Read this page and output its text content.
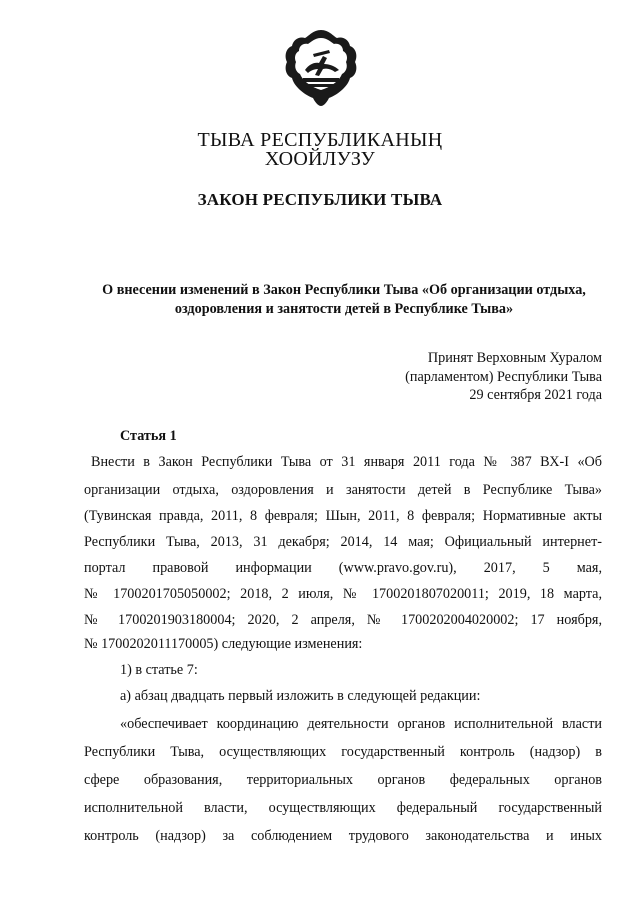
ТЫВА РЕСПУБЛИКАНЫҢ
ХООЙЛУЗУ
ЗАКОН РЕСПУБЛИКИ ТЫВА
О внесении изменений в Закон Республики Тыва «Об организации отдыха,
оздоровления и занятости детей в Республике Тыва»
Принят Верховным Хуралом
(парламентом) Республики Тыва
29 сентября 2021 года
Статья 1
Внести в Закон Республики Тыва от 31 января 2011 года № 387 ВХ-I «Об
организации отдыха, оздоровления и занятости детей в Республике Тыва»
(Тувинская правда, 2011, 8 февраля; Шын, 2011, 8 февраля; Нормативные акты
Республики Тыва, 2013, 31 декабря; 2014, 14 мая; Официальный интернет-
портал правовой информации (www.pravo.gov.ru), 2017, 5 мая,
№ 1700201705050002; 2018, 2 июля, № 1700201807020011; 2019, 18 марта,
№ 1700201903180004; 2020, 2 апреля, № 1700202004020002; 17 ноября,
№ 1700202011170005) следующие изменения:
1) в статье 7:
а) абзац двадцать первый изложить в следующей редакции:
«обеспечивает координацию деятельности органов исполнительной власти
Республики Тыва, осуществляющих государственный контроль (надзор) в
сфере образования, территориальных органов федеральных органов
исполнительной власти, осуществляющих федеральный государственный
контроль (надзор) за соблюдением трудового законодательства и иных
